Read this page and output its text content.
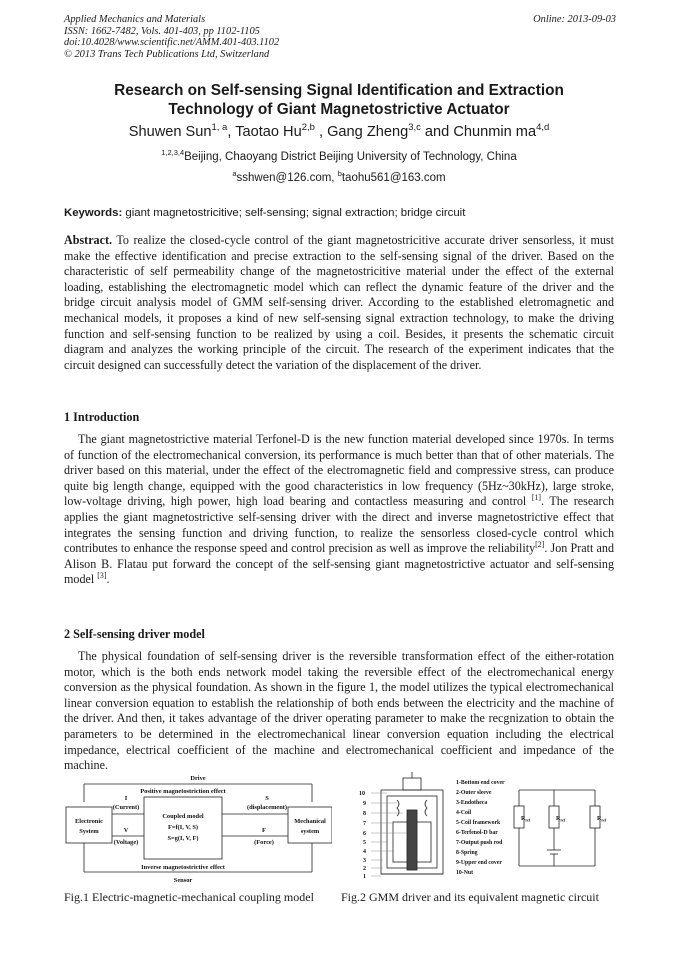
Applied Mechanics and Materials
ISSN: 1662-7482, Vols. 401-403, pp 1102-1105
doi:10.4028/www.scientific.net/AMM.401-403.1102
© 2013 Trans Tech Publications Ltd, Switzerland
Online: 2013-09-03
Research on Self-sensing Signal Identification and Extraction
Technology of Giant Magnetostrictive Actuator
Shuwen Sun$^{1, a}$, Taotao Hu$^{2,b}$ , Gang Zheng$^{3,c}$ and Chunmin ma$^{4,d}$
$^{1,2,3,4}$Beijing, Chaoyang District Beijing University of Technology, China
$^a$sshwen@126.com, $^b$taohu561@163.com
Keywords: giant magnetostricitive; self-sensing; signal extraction; bridge circuit
Abstract. To realize the closed-cycle control of the giant magnetostricitive accurate driver sensorless, it must make the effective identification and precise extraction to the self-sensing signal of the driver. Based on the characteristic of self permeability change of the magnetostricitive material under the effect of the external loading, establishing the electromagnetic model which can reflect the dynamic feature of the driver and the bridge circuit analysis model of GMM self-sensing driver. According to the established eletromagnetic and mechanical models, it proposes a kind of new self-sensing signal extraction technology, to make the driving function and self-sensing function to be realized by using a coil. Besides, it presents the schematic circuit diagram and analyzes the working principle of the circuit. The research of the experiment indicates that the circuit designed can successfully detect the variation of the displacement of the driver.
1 Introduction
The giant magnetostrictive material Terfonel-D is the new function material developed since 1970s. In terms of function of the electromechanical conversion, its performance is much better than that of other materials. The driver based on this material, under the effect of the electromagnetic field and compressive stress, can produce quite big length change, equipped with the good characteristics in low frequency (5Hz~30kHz), large stroke, low-voltage driving, high power, high load bearing and contactless measuring and control [1]. The research applies the giant magnetostrictive self-sensing driver with the direct and inverse magnetostrictive effect that integrates the sensing function and driving function, to realize the sensorless closed-cycle control which contributes to enhance the response speed and control precision as well as improve the reliability[2]. Jon Pratt and Alison B. Flatau put forward the concept of the self-sensing giant magnetostrictive actuator and self-sensing model [3].
2 Self-sensing driver model
The physical foundation of self-sensing driver is the reversible transformation effect of the either-rotation motor, which is the both ends network model taking the reversible effect of the electromechanical energy conversion as the physical foundation. As shown in the figure 1, the model utilizes the typical electromechanical linear conversion equation to establish the relationship of both ends between the electricity and the machine of the driver. And then, it takes advantage of the driver operating parameter to make the recgnization to obtain the parameters to be determined in the electromechanical linear conversion equation including the electrical impedance, electrical coefficient of the machine and electromechanical coefficient and impedance of the machine.
Drive
Positive magnetostriction effect
I
(Current)
S
(displacement)
Electronic
System
Coupled model
F=f(I, V, S)
S=g(I, V, F)
Mechanical
system
V
(Voltage)
F
(Force)
Inverse magnetostrictive effect
Sensor
10
9
8
7
6
5
4
3
2
1
1-Bottom end cover
2-Outer sleeve
3-Endotheca
4-Coil
5-Coil framework
6-Terfenol-D bar
7-Output push rod
8-Spring
9-Upper end cover
10-Nut
$R_{ref}$	$R_{ref}$	$R_{ref}$
Fig.1 Electric-magnetic-mechanical coupling model Fig.2 GMM driver and its equivalent magnetic circuit
